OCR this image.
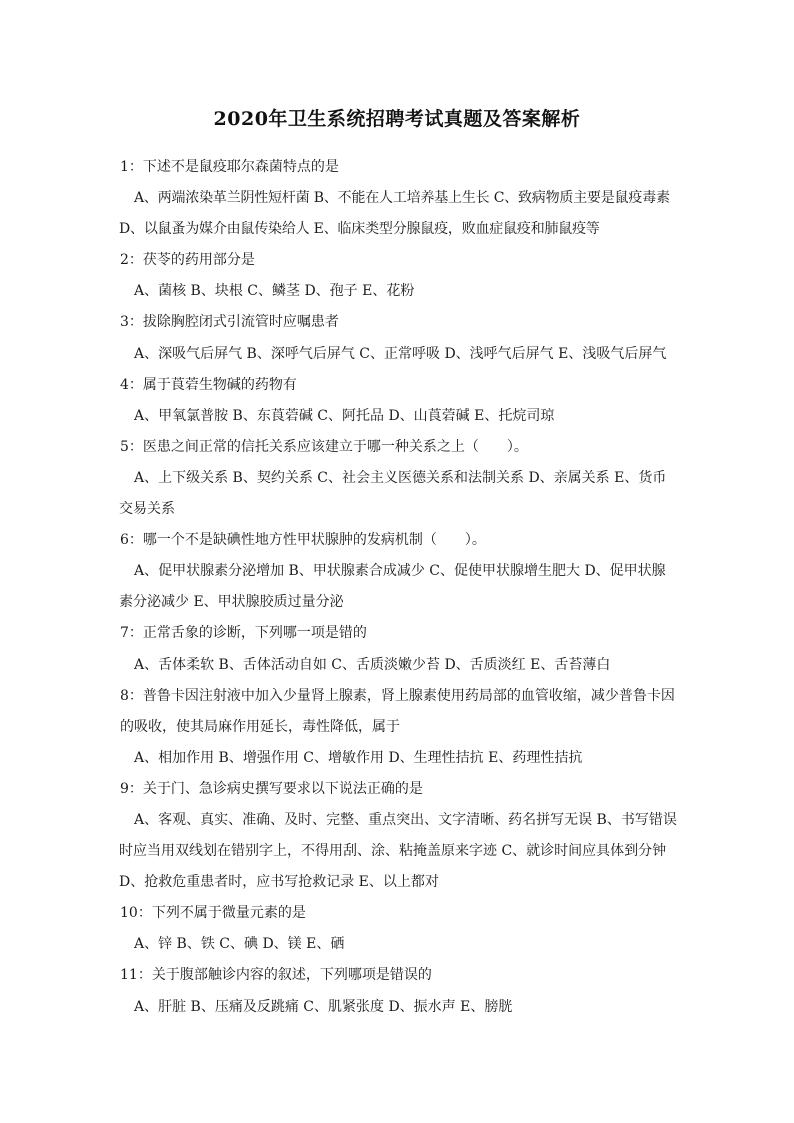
2020年卫生系统招聘考试真题及答案解析
1：下述不是鼠疫耶尔森菌特点的是
A、两端浓染革兰阴性短杆菌 B、不能在人工培养基上生长 C、致病物质主要是鼠疫毒素 D、以鼠蚤为媒介由鼠传染给人 E、临床类型分腺鼠疫，败血症鼠疫和肺鼠疫等
2：茯苓的药用部分是
A、菌核 B、块根 C、鳞茎 D、孢子 E、花粉
3：拔除胸腔闭式引流管时应嘱患者
A、深吸气后屏气 B、深呼气后屏气 C、正常呼吸 D、浅呼气后屏气 E、浅吸气后屏气
4：属于莨菪生物碱的药物有
A、甲氧氯普胺 B、东莨菪碱 C、阿托品 D、山莨菪碱 E、托烷司琼
5：医患之间正常的信托关系应该建立于哪一种关系之上（　　）。
A、上下级关系 B、契约关系 C、社会主义医德关系和法制关系 D、亲属关系 E、货币交易关系
6：哪一个不是缺碘性地方性甲状腺肿的发病机制（　　）。
A、促甲状腺素分泌增加 B、甲状腺素合成减少 C、促使甲状腺增生肥大 D、促甲状腺素分泌减少 E、甲状腺胶质过量分泌
7：正常舌象的诊断，下列哪一项是错的
A、舌体柔软 B、舌体活动自如 C、舌质淡嫩少苔 D、舌质淡红 E、舌苔薄白
8：普鲁卡因注射液中加入少量肾上腺素，肾上腺素使用药局部的血管收缩，减少普鲁卡因的吸收，使其局麻作用延长，毒性降低，属于
A、相加作用 B、增强作用 C、增敏作用 D、生理性拮抗 E、药理性拮抗
9：关于门、急诊病史撰写要求以下说法正确的是
A、客观、真实、准确、及时、完整、重点突出、文字清晰、药名拼写无误 B、书写错误时应当用双线划在错别字上，不得用刮、涂、粘掩盖原来字迹 C、就诊时间应具体到分钟 D、抢救危重患者时，应书写抢救记录 E、以上都对
10：下列不属于微量元素的是
A、锌 B、铁 C、碘 D、镁 E、硒
11：关于腹部触诊内容的叙述，下列哪项是错误的
A、肝脏 B、压痛及反跳痛 C、肌紧张度 D、振水声 E、膀胱
